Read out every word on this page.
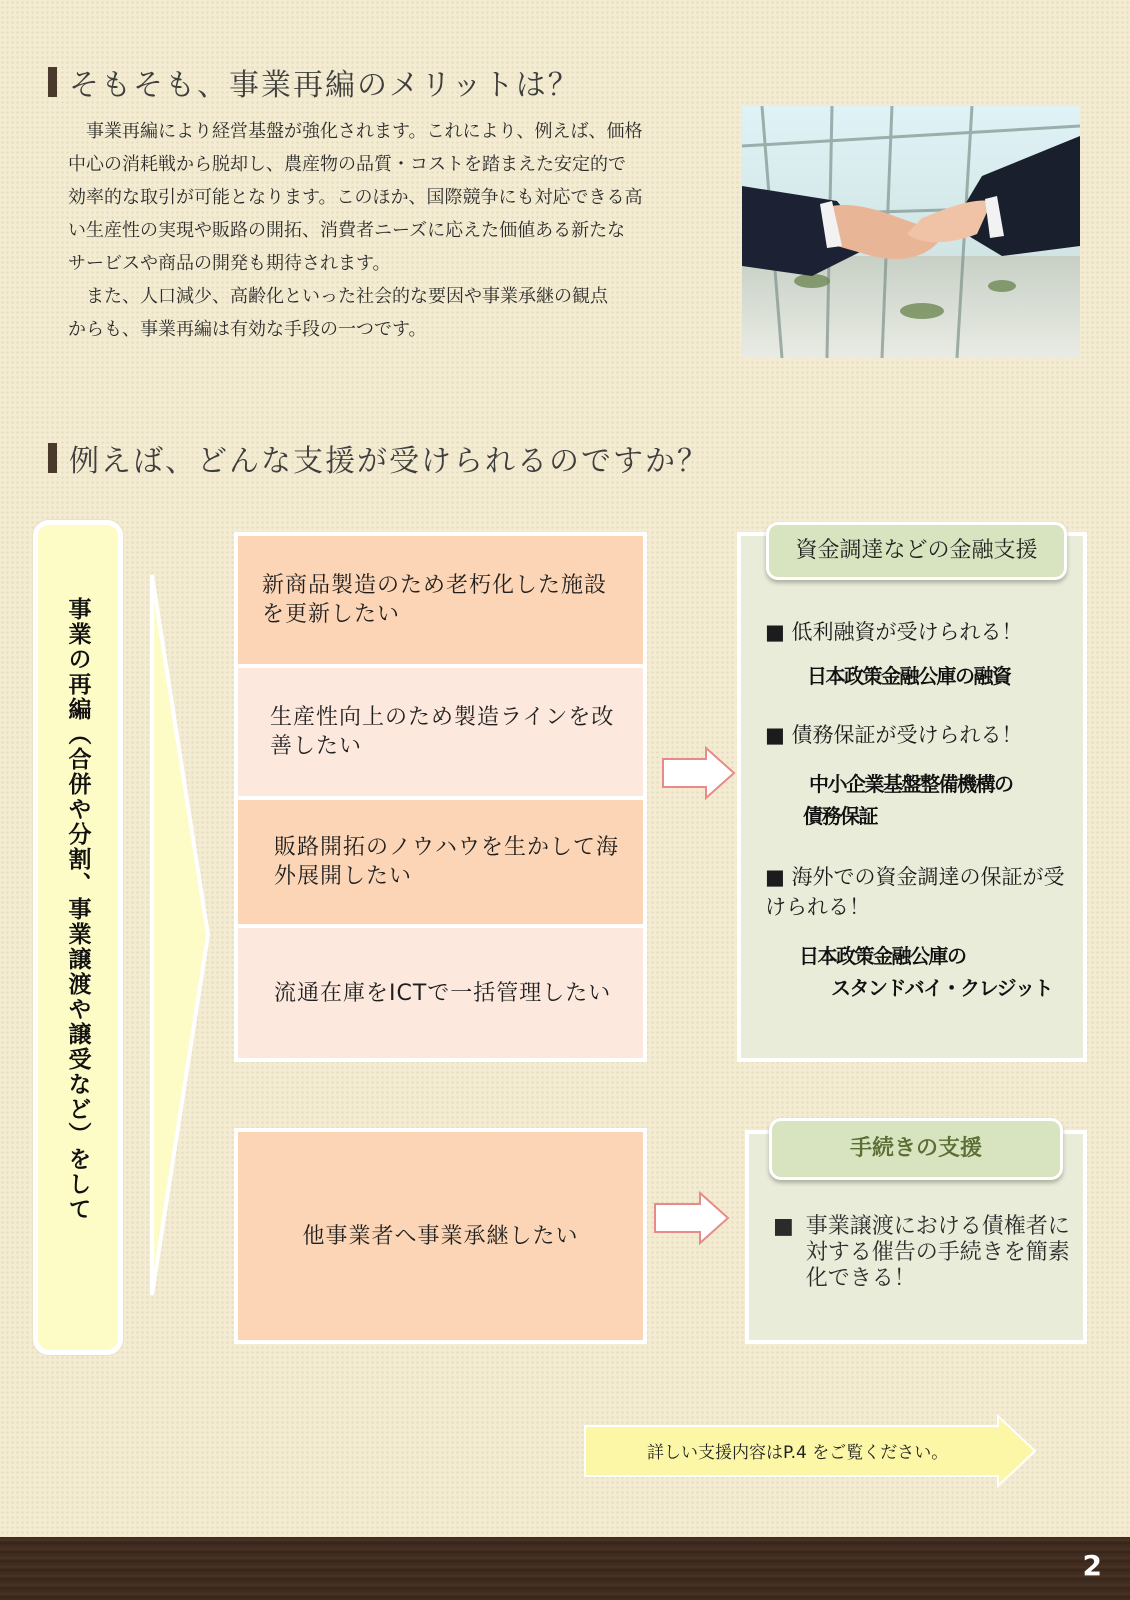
そもそも、事業再編のメリットは？

事業再編により経営基盤が強化されます。これにより、例えば、価格

中心の消耗戦から脱却し、農産物の品質・コストを踏まえた安定的で

効率的な取引が可能となります。このほか、国際競争にも対応できる高

い生産性の実現や販路の開拓、消費者ニーズに応えた価値ある新たな

サービスや商品の開発も期待されます。

また、人口減少、高齢化といった社会的な要因や事業承継の観点

からも、事業再編は有効な手段の一つです。

例えば、どんな支援が受けられるのですか？
事業の再編（合併や分割、事業譲渡や譲受など）をして
新商品製造のため老朽化した施設を更新したい
生産性向上のため製造ラインを改善したい
販路開拓のノウハウを生かして海外展開したい
流通在庫をICTで一括管理したい
資金調達などの金融支援
■ 低利融資が受けられる！
日本政策金融公庫の融資
■ 債務保証が受けられる！
中小企業基盤整備機構の
債務保証
■ 海外での資金調達の保証が受けられる！
日本政策金融公庫の
スタンドバイ・クレジット
他事業者へ事業承継したい
手続きの支援
■ 事業譲渡における債権者に対する催告の手続きを簡素化できる！
詳しい支援内容はP.4 をご覧ください。
2
